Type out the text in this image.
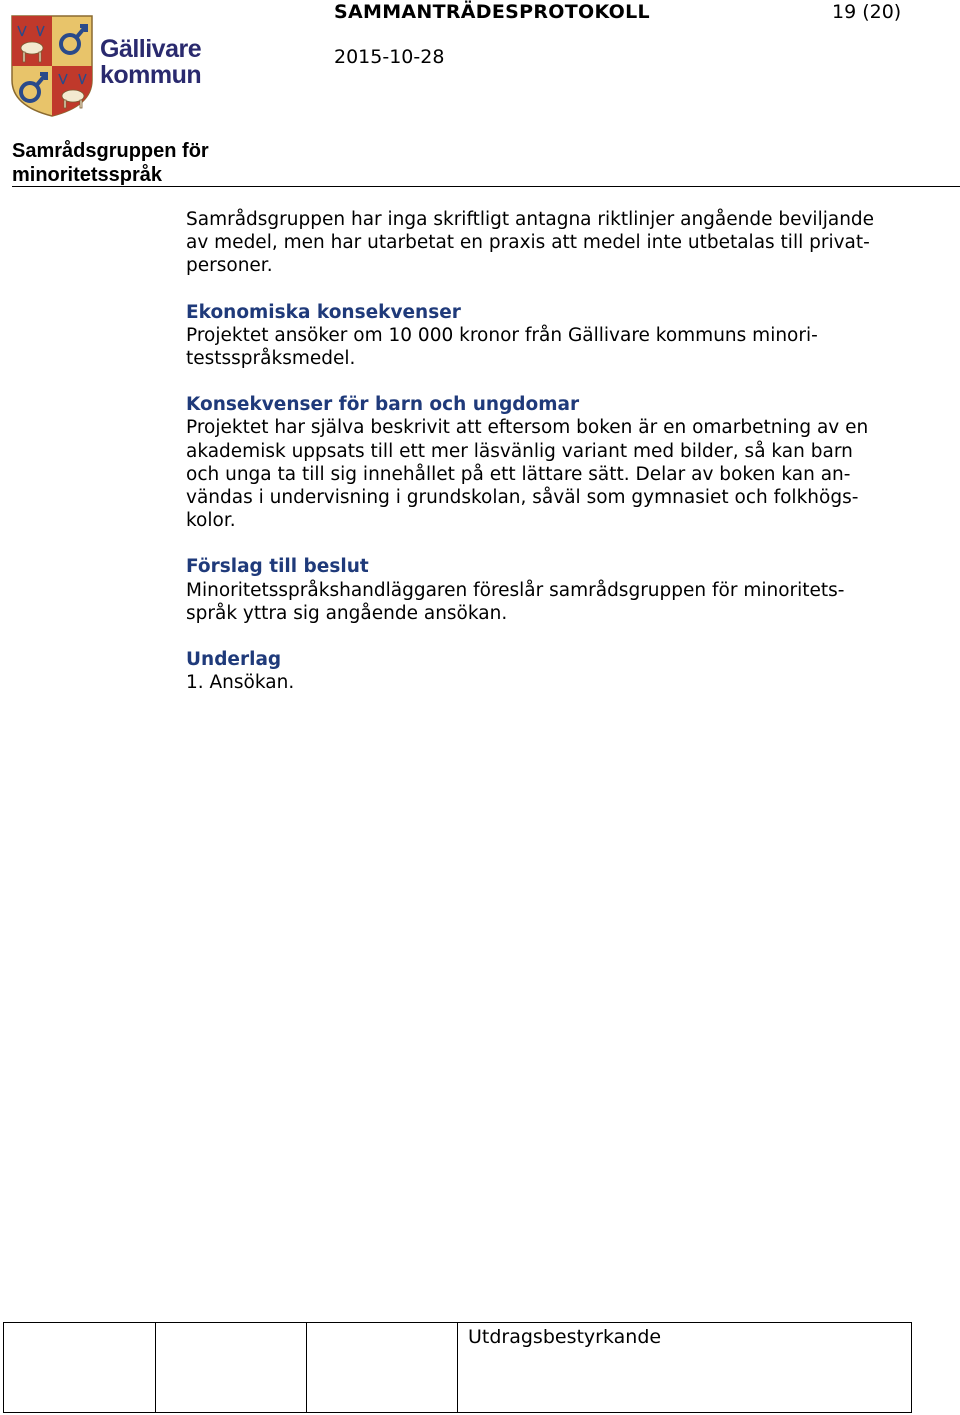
Gällivare
kommun
SAMMANTRÄDESPROTOKOLL	19 (20)
2015-10-28
Samrådsgruppen för
minoritetsspråk

Samrådsgruppen har inga skriftligt antagna riktlinjer angående beviljande
av medel, men har utarbetat en praxis att medel inte utbetalas till privat-
personer.

Ekonomiska konsekvenser
Projektet ansöker om 10 000 kronor från Gällivare kommuns minori-
testsspråksmedel.

Konsekvenser för barn och ungdomar
Projektet har själva beskrivit att eftersom boken är en omarbetning av en
akademisk uppsats till ett mer läsvänlig variant med bilder, så kan barn
och unga ta till sig innehållet på ett lättare sätt. Delar av boken kan an-
vändas i undervisning i grundskolan, såväl som gymnasiet och folkhögs-
kolor.

Förslag till beslut
Minoritetsspråkshandläggaren föreslår samrådsgruppen för minoritets-
språk yttra sig angående ansökan.

Underlag
1. Ansökan.

Utdragsbestyrkande
